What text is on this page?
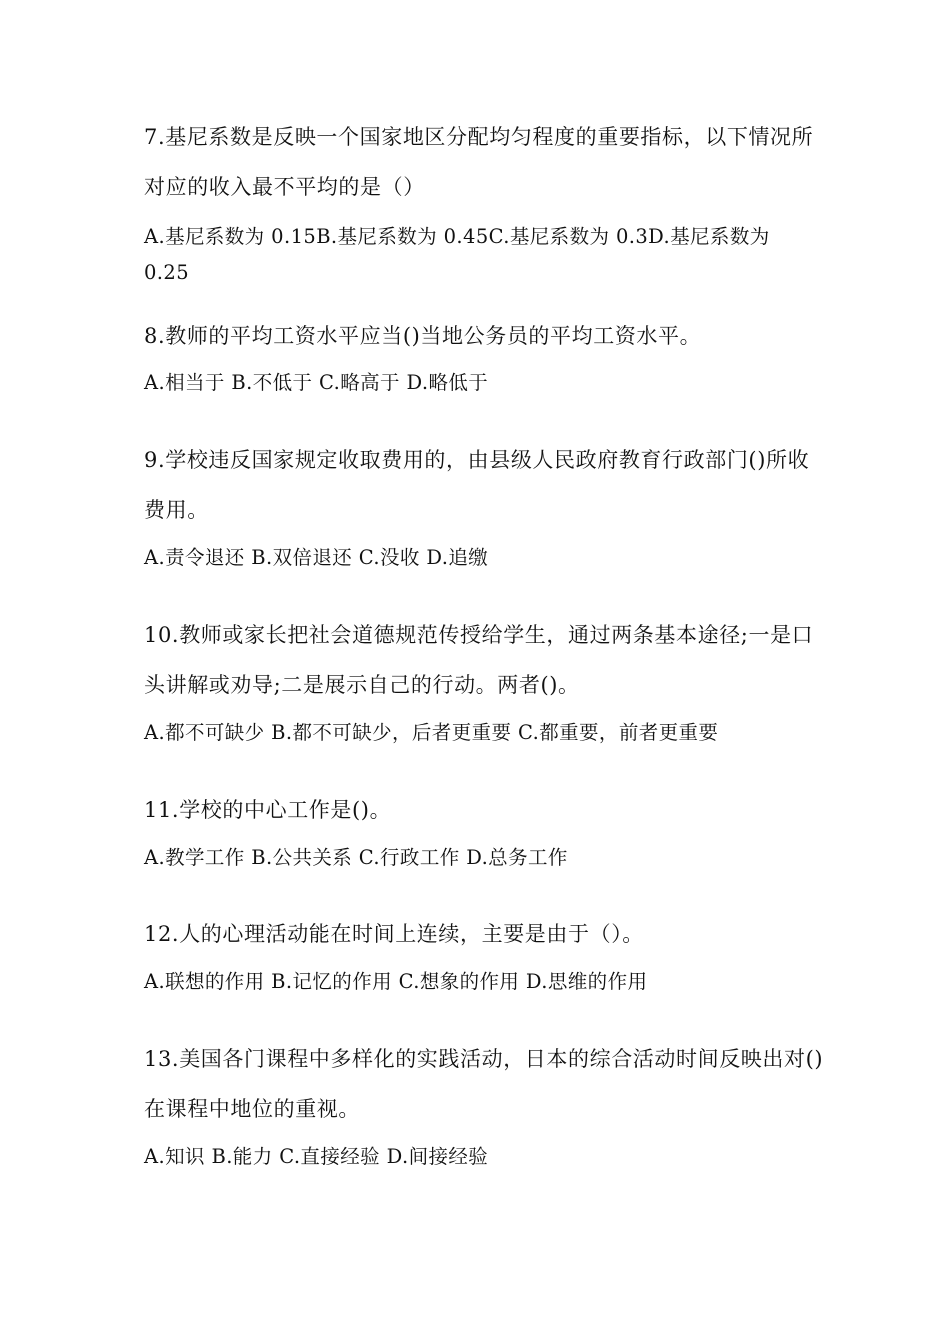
7.基尼系数是反映一个国家地区分配均匀程度的重要指标，以下情况所
对应的收入最不平均的是（）
A.基尼系数为 0.15B.基尼系数为 0.45C.基尼系数为 0.3D.基尼系数为
0.25
8.教师的平均工资水平应当()当地公务员的平均工资水平。
A.相当于 B.不低于 C.略高于 D.略低于
9.学校违反国家规定收取费用的，由县级人民政府教育行政部门()所收
费用。
A.责令退还 B.双倍退还 C.没收 D.追缴
10.教师或家长把社会道德规范传授给学生，通过两条基本途径;一是口
头讲解或劝导;二是展示自己的行动。两者()。
A.都不可缺少 B.都不可缺少，后者更重要 C.都重要，前者更重要
11.学校的中心工作是()。
A.教学工作 B.公共关系 C.行政工作 D.总务工作
12.人的心理活动能在时间上连续，主要是由于（）。
A.联想的作用 B.记忆的作用 C.想象的作用 D.思维的作用
13.美国各门课程中多样化的实践活动，日本的综合活动时间反映出对()
在课程中地位的重视。
A.知识 B.能力 C.直接经验 D.间接经验
